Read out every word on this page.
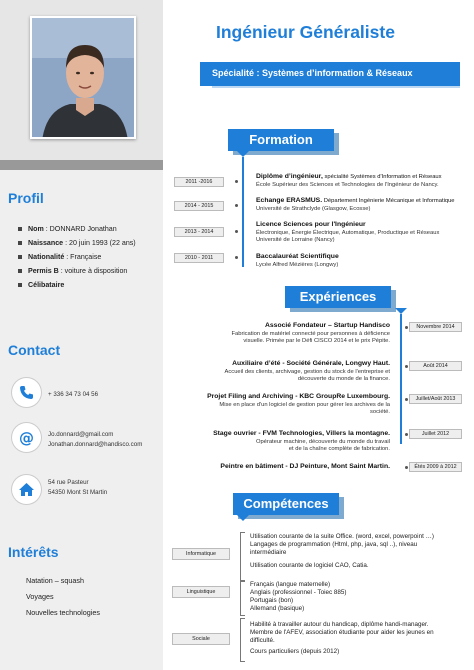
Profil
Nom : DONNARD Jonathan
Naissance : 20 juin 1993 (22 ans)
Nationalité : Française
Permis B : voiture à disposition
Célibataire
Contact
+ 336 34 73 04 56
@ Jo.donnard@gmail.com
Jonathan.donnard@handisco.com
54 rue Pasteur
54350 Mont St Martin
Intérêts
Natation – squash
Voyages
Nouvelles technologies
Ingénieur Généraliste
Spécialité : Systèmes d’information & Réseaux
Formation
2011 -2016
Diplôme d’ingénieur, spécialité Systèmes d'Information et Réseaux
École Supérieur des Sciences et Technologies de l'Ingénieur de Nancy.
2014 - 2015
Echange ERASMUS. Département Ingénierie Mécanique et Informatique
Université de Strathclyde (Glasgow, Ecosse)
2013 - 2014
Licence Sciences pour l'Ingénieur
Électronique, Énergie Électrique, Automatique, Productique et Réseaux
Université de Lorraine (Nancy)
2010 - 2011	Baccalauréat Scientifique
Lycée Alfred Mézières (Longwy)
Expériences
Novembre 2014
Associé Fondateur – Startup Handisco
Fabrication de matériel connecté pour personnes à déficience
visuelle. Primée par le Défi CISCO 2014 et le prix Pépite.
Août 2014
Auxiliaire d’été - Société Générale, Longwy Haut.
Accueil des clients, archivage, gestion du stock de l'entreprise et
découverte du monde de la finance.
Juillet/Août 2013
Projet Filing and Archiving - KBC GroupRe Luxembourg.
Mise en place d'un logiciel de gestion pour gérer les archives de la
société.
Juillet 2012
Stage ouvrier - FVM Technologies, Villers la montagne.
Opérateur machine, découverte du monde du travail
et de la chaîne complète de fabrication.
Étés 2009 à 2012
Peintre en bâtiment - DJ Peinture, Mont Saint Martin.
Compétences
Informatique
Utilisation courante de la suite Office. (word, excel, powerpoint …)
Langages de programmation (Html, php, java, sql ..), niveau
intermédiaire
Utilisation courante de logiciel CAO, Catia.
Linguistique
Français (langue maternelle)
Anglais (professionnel - Toiec 885)
Portugais (bon)
Allemand (basique)
Sociale
Habilité à travailler autour du handicap, diplôme handi-manager.
Membre de l'AFEV, association étudiante pour aider les jeunes en
difficulté.
Cours particuliers (depuis 2012)
